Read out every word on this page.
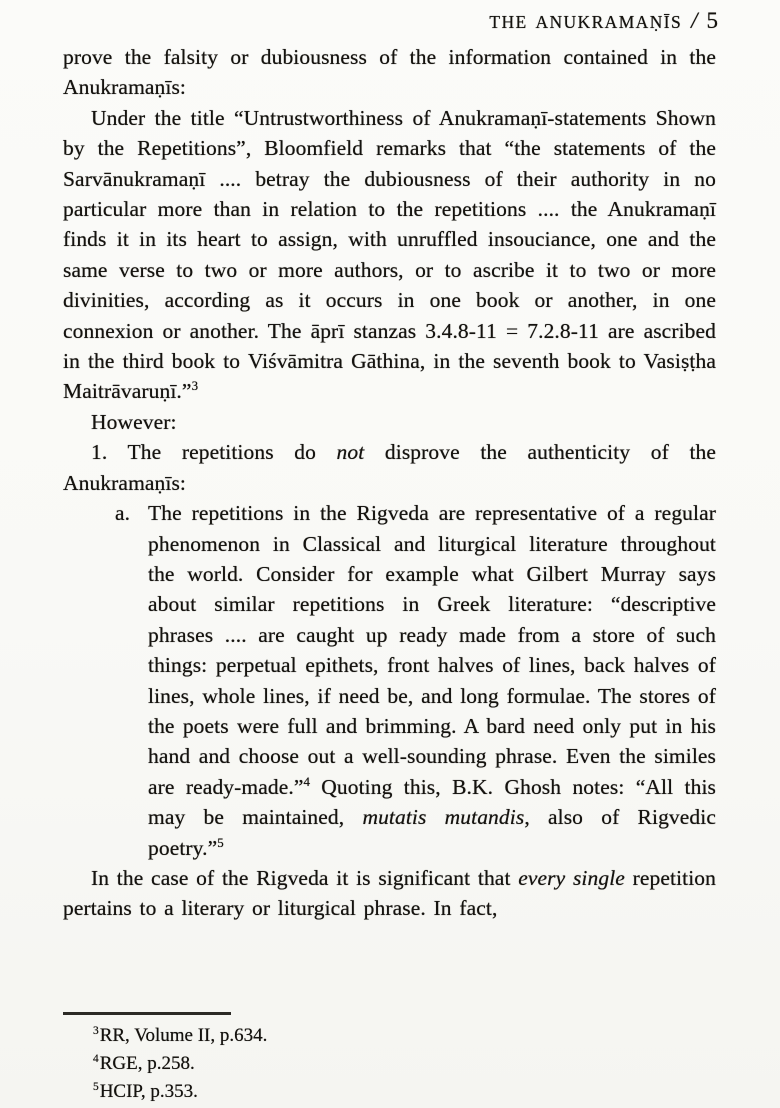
THE ANUKRAMAṆĪS / 5

prove the falsity or dubiousness of the information contained in the Anukramaṇīs:

Under the title “Untrustworthiness of Anukramaṇī-statements Shown by the Repetitions”, Bloomfield remarks that “the statements of the Sarvānukramaṇī .... betray the dubiousness of their authority in no particular more than in relation to the repetitions .... the Anukramaṇī finds it in its heart to assign, with unruffled insouciance, one and the same verse to two or more authors, or to ascribe it to two or more divinities, according as it occurs in one book or another, in one connexion or another. The āprī stanzas 3.4.8-11 = 7.2.8-11 are ascribed in the third book to Viśvāmitra Gāthina, in the seventh book to Vasiṣṭha Maitrāvaruṇī.”$^3$

However:

1. The repetitions do not disprove the authenticity of the Anukramaṇīs:

a. The repetitions in the Rigveda are representative of a regular phenomenon in Classical and liturgical literature throughout the world. Consider for example what Gilbert Murray says about similar repetitions in Greek literature: “descriptive phrases .... are caught up ready made from a store of such things: perpetual epithets, front halves of lines, back halves of lines, whole lines, if need be, and long formulae. The stores of the poets were full and brimming. A bard need only put in his hand and choose out a well-sounding phrase. Even the similes are ready-made.”$^4$ Quoting this, B.K. Ghosh notes: “All this may be maintained, mutatis mutandis, also of Rigvedic poetry.”$^5$

In the case of the Rigveda it is significant that every single repetition pertains to a literary or liturgical phrase. In fact,

$^3$RR, Volume II, p.634.
$^4$RGE, p.258.
$^5$HCIP, p.353.
